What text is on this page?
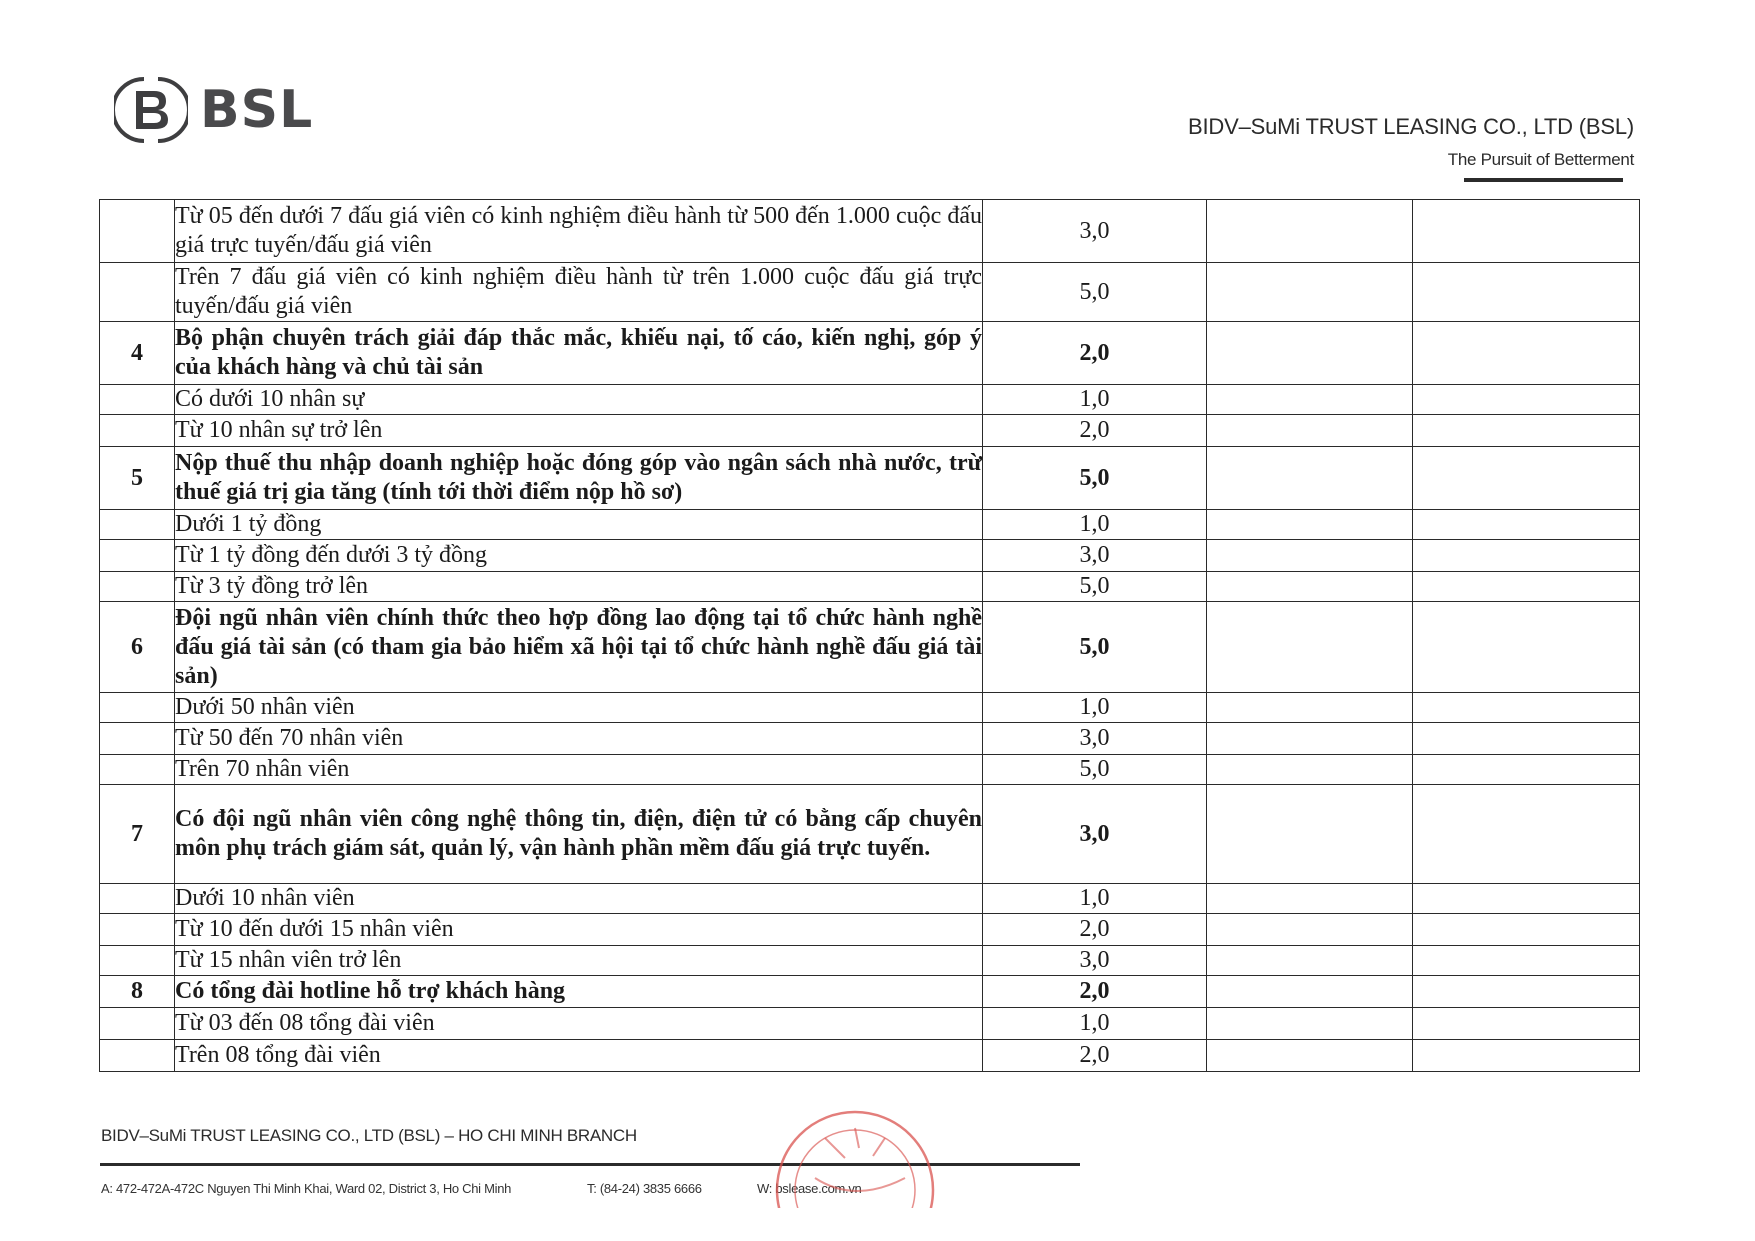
BSL	BIDV–SuMi TRUST LEASING CO., LTD (BSL)
The Pursuit of Betterment
	Từ 05 đến dưới 7 đấu giá viên có kinh nghiệm điều hành từ 500 đến 1.000 cuộc đấu giá trực tuyến/đấu giá viên	3,0		
	Trên 7 đấu giá viên có kinh nghiệm điều hành từ trên 1.000 cuộc đấu giá trực tuyến/đấu giá viên	5,0		
4	Bộ phận chuyên trách giải đáp thắc mắc, khiếu nại, tố cáo, kiến nghị, góp ý của khách hàng và chủ tài sản	2,0		
	Có dưới 10 nhân sự	1,0		
	Từ 10 nhân sự trở lên	2,0		
5	Nộp thuế thu nhập doanh nghiệp hoặc đóng góp vào ngân sách nhà nước, trừ thuế giá trị gia tăng (tính tới thời điểm nộp hồ sơ)	5,0		
	Dưới 1 tỷ đồng	1,0		
	Từ 1 tỷ đồng đến dưới 3 tỷ đồng	3,0		
	Từ 3 tỷ đồng trở lên	5,0		
6	Đội ngũ nhân viên chính thức theo hợp đồng lao động tại tổ chức hành nghề đấu giá tài sản (có tham gia bảo hiểm xã hội tại tổ chức hành nghề đấu giá tài sản)	5,0		
	Dưới 50 nhân viên	1,0		
	Từ 50 đến 70 nhân viên	3,0		
	Trên 70 nhân viên	5,0		
7	Có đội ngũ nhân viên công nghệ thông tin, điện, điện tử có bằng cấp chuyên môn phụ trách giám sát, quản lý, vận hành phần mềm đấu giá trực tuyến.	3,0		
	Dưới 10 nhân viên	1,0		
	Từ 10 đến dưới 15 nhân viên	2,0		
	Từ 15 nhân viên trở lên	3,0		
8	Có tổng đài hotline hỗ trợ khách hàng	2,0		
	Từ 03 đến 08 tổng đài viên	1,0		
	Trên 08 tổng đài viên	2,0		
BIDV–SuMi TRUST LEASING CO., LTD (BSL) – HO CHI MINH BRANCH
A: 472-472A-472C Nguyen Thi Minh Khai, Ward 02, District 3, Ho Chi Minh	T: (84-24) 3835 6666	W: bslease.com.vn
